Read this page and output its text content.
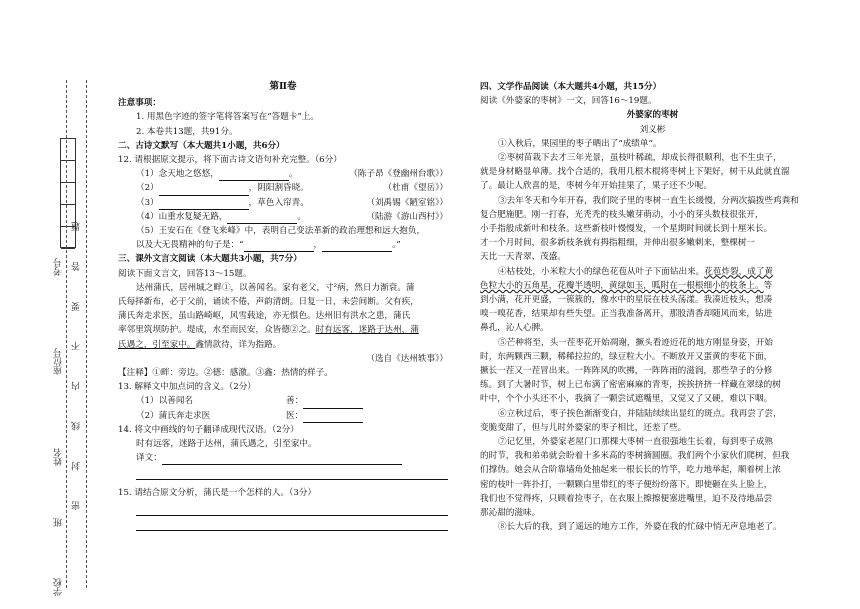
考号
座位号
姓名
班
学校
密 封 线 内 不 要 答 题
第Ⅱ卷
注意事项：
1. 用黑色字迹的签字笔将答案写在“答题卡”上。
2. 本卷共13题，共91分。
二、古诗文默写（本大题共1小题，共6分）
12. 请根据原文提示，将下面古诗文语句补充完整。（6分）
（1）念天地之悠悠，	。	（陈子昂《登幽州台歌》）
（2）	，阴阳割昏晓。	（杜甫《望岳》）
（3）	，草色入帘青。	（刘禹锡《陋室铭》）
（4）山重水复疑无路，	。	（陆游《游山西村》）
（5）王安石在《登飞来峰》中，表明自己变法革新的政治理想和远大抱负，
以及大无畏精神的句子是：“	，	。”
三、课外文言文阅读（本大题共3小题，共7分）
阅读下面文言文，回答13～15题。
达州蒲氏，居州城之畔①，以善闻名。家有老父，寸²病，然日力渐衰。蒲
氏每择新布，必于父前，诵读不倦，声韵清朗。日复一日，未尝间断。父有疾，
蒲氏奔走求医，虽山路崎岖，风雪载途，亦无惧色。达州旧有洪水之患，蒲氏
率邻里筑坝防护。堤成，水至而民安，众皆德②之。时有远客，迷路于达州，蒲
氏遇之，引至家中。鑫情款待，详为指路。
（选自《达州轶事》）
【注释】①畔：旁边。②德：感激。③鑫：热情的样子。
13. 解释文中加点词的含义。（2分）
（1）以善闻名	善：
（2）蒲氏奔走求医	医：
14. 将文中画线的句子翻译成现代汉语。（2分）
时有远客，迷路于达州，蒲氏遇之，引至家中。
译文：
15. 请结合原文分析，蒲氏是一个怎样的人。（3分）
四、文学作品阅读（本大题共4小题，共15分）
阅读《外婆家的枣树》一文，回答16～19题。
外婆家的枣树
刘义彬
①入秋后，果园里的枣子晒出了“成绩单”。
②枣树苗栽下去才三年光景，虽枝叶稀疏，却成长得很顺利，也不生虫子，
就是身材略显单薄。找个合适的，我用几根木棍将枣树上下架好，树干从此就直溜
了。最让人欣喜的是，枣树今年开始挂果了，果子还不少呢。
③去年冬天和今年开春，我们院子里的枣树一直生长缓慢，分两次搞拨些鸡粪和
复合肥施肥。刚一打春，光秃秃的枝头嫩芽萌动，小小的芽头数枝很张开，
小手指般成新叶和枝条。这些新枝叶慢慢发，一个星期时间就长到十厘米长。
才一个月时间，很多新枝条就有拇指粗细，并伸出很多嫩刺来，整棵树一
天比一天青翠、茂盛。
④枯枝处，小米粒大小的绿色花苞从叶子下面钻出来。花苞炸裂，成了黄
色粒大小的五角星，花瓣半透明，黄绿如玉，呱附在一根根细小的枝条上。等
到小满，花开更盛，一簇簇的，像水中的星辰在枝头荡漾。我凑近枝头，想凑
嗅一嗅花香，结果却有些失望。正当我准备离开，那股清香却随风而来，钻进
鼻孔，沁人心脾。
⑤芒种将至，头一茬枣花开始凋谢，撅头看迹近花的地方刚显身姿，开始
时，东两颗西三颗，稀稀拉拉的，绿豆粒大小。不断放开又蛋黄的枣花下面，
撅长一茬又一茬冒出来。一阵阵风的吹拂，一阵阵雨的滋润，那些孕子的分修
练。到了大暑时节，树上已布满了密密麻麻的青枣，挨挨挤挤一样藏在翠绿的树
叶中，个个小头还不小，我摘了一颗尝试遮嘴里，又觉又了又硬，难以下咽。
⑥立秋过后，枣子挨色渐渐变白，并陆陆续续出显红的斑点。我再尝了尝，
变脆变甜了，但与儿时外婆家的枣子相比，还差了些。
⑦记忆里，外婆家老屋门口那棵大枣树一直很强地生长着，每到枣子成熟
的时节，我和弟弟就会盼着十多米高的枣树摘圆圈。我们两个小家伙们爬树，但我
们撑伪。她会从合阶靠墙角处抽起来一根长长的竹竿，吃力地举起，顺着树上浓
密的枝叶一阵扑打，一颗颗白里带红的枣子便纷纷落下。即使砸在头上脸上，
我们也不觉得疼，只顾着捡枣子，在衣服上擦擦便塞进嘴里，迫不及待地品尝
那沁甜的滋味。
⑧长大后的我，到了遥远的地方工作，外婆在我的忙碌中悄无声息地老了。
